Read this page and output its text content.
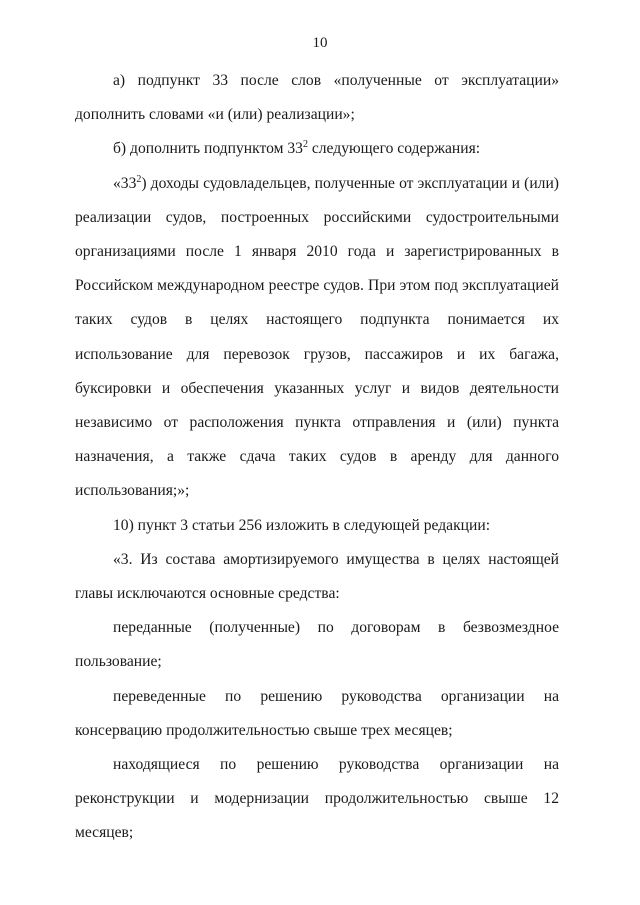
10

а) подпункт 33 после слов «полученные от эксплуатации» дополнить словами «и (или) реализации»;

б) дополнить подпунктом $33^2$ следующего содержания:

«$33^2$) доходы судовладельцев, полученные от эксплуатации и (или) реализации судов, построенных российскими судостроительными организациями после 1 января 2010 года и зарегистрированных в Российском международном реестре судов. При этом под эксплуатацией таких судов в целях настоящего подпункта понимается их использование для перевозок грузов, пассажиров и их багажа, буксировки и обеспечения указанных услуг и видов деятельности независимо от расположения пункта отправления и (или) пункта назначения, а также сдача таких судов в аренду для данного использования;»;

10) пункт 3 статьи 256 изложить в следующей редакции:

«3. Из состава амортизируемого имущества в целях настоящей главы исключаются основные средства:

переданные (полученные) по договорам в безвозмездное пользование;

переведенные по решению руководства организации на консервацию продолжительностью свыше трех месяцев;

находящиеся по решению руководства организации на реконструкции и модернизации продолжительностью свыше 12 месяцев;
